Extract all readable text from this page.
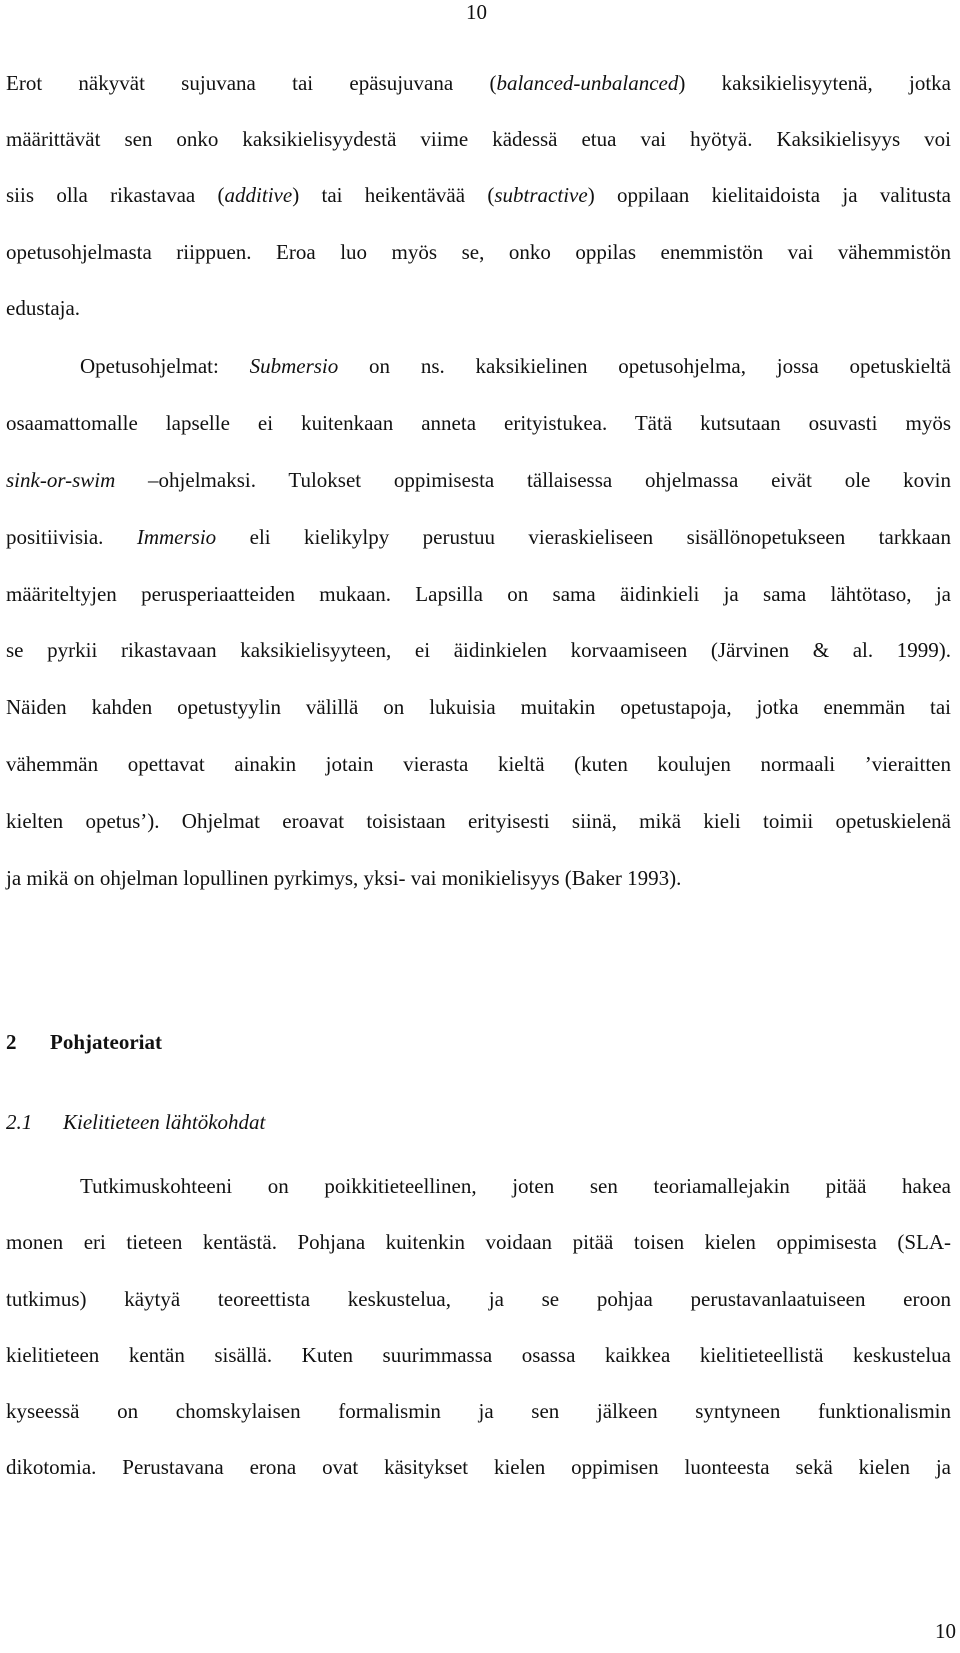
10
Erot näkyvät sujuvana tai epäsujuvana (balanced-unbalanced) kaksikielisyytenä, jotka
määrittävät sen onko kaksikielisyydestä viime kädessä etua vai hyötyä. Kaksikielisyys voi
siis olla rikastavaa (additive) tai heikentävää (subtractive) oppilaan kielitaidoista ja valitusta
opetusohjelmasta riippuen. Eroa luo myös se, onko oppilas enemmistön vai vähemmistön
edustaja.
Opetusohjelmat: Submersio on ns. kaksikielinen opetusohjelma, jossa opetuskieltä
osaamattomalle lapselle ei kuitenkaan anneta erityistukea. Tätä kutsutaan osuvasti myös
sink-or-swim –ohjelmaksi. Tulokset oppimisesta tällaisessa ohjelmassa eivät ole kovin
positiivisia. Immersio eli kielikylpy perustuu vieraskieliseen sisällönopetukseen tarkkaan
määriteltyjen perusperiaatteiden mukaan. Lapsilla on sama äidinkieli ja sama lähtötaso, ja
se pyrkii rikastavaan kaksikielisyyteen, ei äidinkielen korvaamiseen (Järvinen & al. 1999).
Näiden kahden opetustyylin välillä on lukuisia muitakin opetustapoja, jotka enemmän tai
vähemmän opettavat ainakin jotain vierasta kieltä (kuten koulujen normaali ’vieraitten
kielten opetus’). Ohjelmat eroavat toisistaan erityisesti siinä, mikä kieli toimii opetuskielenä
ja mikä on ohjelman lopullinen pyrkimys, yksi- vai monikielisyys (Baker 1993).
2 Pohjateoriat
2.1 Kielitieteen lähtökohdat
Tutkimuskohteeni on poikkitieteellinen, joten sen teoriamallejakin pitää hakea
monen eri tieteen kentästä. Pohjana kuitenkin voidaan pitää toisen kielen oppimisesta (SLA-
tutkimus) käytyä teoreettista keskustelua, ja se pohjaa perustavanlaatuiseen eroon
kielitieteen kentän sisällä. Kuten suurimmassa osassa kaikkea kielitieteellistä keskustelua
kyseessä on chomskylaisen formalismin ja sen jälkeen syntyneen funktionalismin
dikotomia. Perustavana erona ovat käsitykset kielen oppimisen luonteesta sekä kielen ja
10
